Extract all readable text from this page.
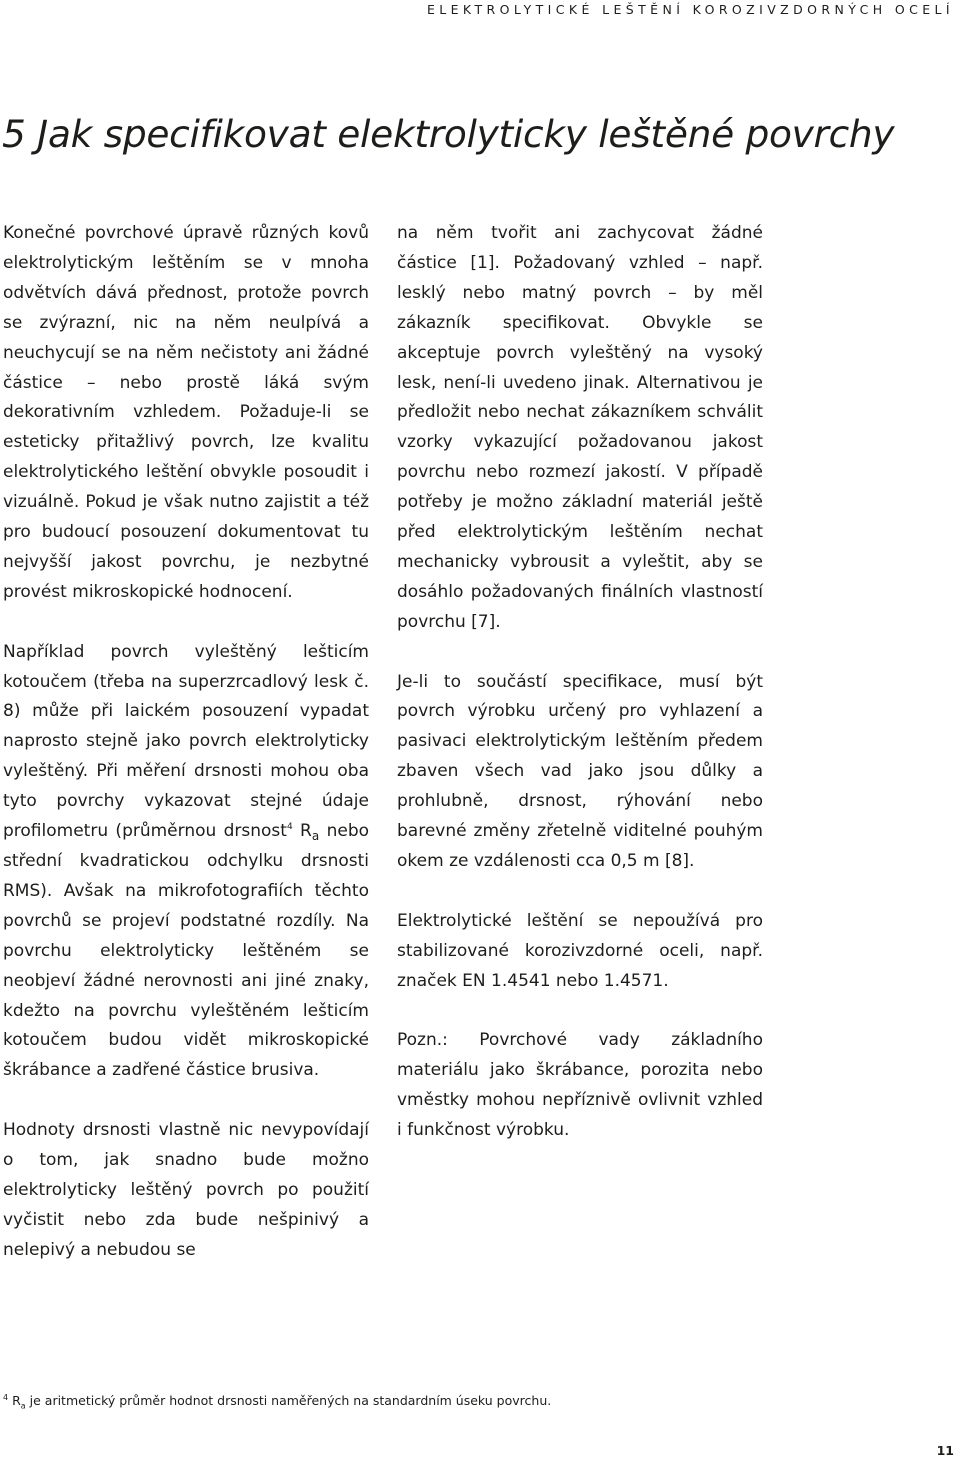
ELEKTROLYTICKÉ LEŠTĚNÍ KOROZIVZDORNÝCH OCELÍ
5 Jak specifikovat elektrolyticky leštěné povrchy

Konečné povrchové úpravě různých kovů elektrolytickým leštěním se v mnoha odvětvích dává přednost, protože povrch se zvýrazní, nic na něm neulpívá a neuchycují se na něm nečistoty ani žádné částice – nebo prostě láká svým dekorativním vzhledem. Požaduje-li se esteticky přitažlivý povrch, lze kvalitu elektrolytického leštění obvykle posoudit i vizuálně. Pokud je však nutno zajistit a též pro budoucí posouzení dokumentovat tu nejvyšší jakost povrchu, je nezbytné provést mikroskopické hodnocení.

Například povrch vyleštěný lešticím kotoučem (třeba na superzrcadlový lesk č. 8) může při laickém posouzení vypadat naprosto stejně jako povrch elektrolyticky vyleštěný. Při měření drsnosti mohou oba tyto povrchy vykazovat stejné údaje profilometru (průměrnou drsnost$^4$ $R_a$ nebo střední kvadratickou odchylku drsnosti RMS). Avšak na mikrofotografiích těchto povrchů se projeví podstatné rozdíly. Na povrchu elektrolyticky leštěném se neobjeví žádné nerovnosti ani jiné znaky, kdežto na povrchu vyleštěném lešticím kotoučem budou vidět mikroskopické škrábance a zadřené částice brusiva.

Hodnoty drsnosti vlastně nic nevypovídají o tom, jak snadno bude možno elektrolyticky leštěný povrch po použití vyčistit nebo zda bude nešpinivý a nelepivý a nebudou se

na něm tvořit ani zachycovat žádné částice [1]. Požadovaný vzhled – např. lesklý nebo matný povrch – by měl zákazník specifikovat. Obvykle se akceptuje povrch vyleštěný na vysoký lesk, není-li uvedeno jinak. Alternativou je předložit nebo nechat zákazníkem schválit vzorky vykazující požadovanou jakost povrchu nebo rozmezí jakostí. V případě potřeby je možno základní materiál ještě před elektrolytickým leštěním nechat mechanicky vybrousit a vyleštit, aby se dosáhlo požadovaných finálních vlastností povrchu [7].

Je-li to součástí specifikace, musí být povrch výrobku určený pro vyhlazení a pasivaci elektrolytickým leštěním předem zbaven všech vad jako jsou důlky a prohlubně, drsnost, rýhování nebo barevné změny zřetelně viditelné pouhým okem ze vzdálenosti cca 0,5 m [8].

Elektrolytické leštění se nepoužívá pro stabilizované korozivzdorné oceli, např. značek EN 1.4541 nebo 1.4571.

Pozn.: Povrchové vady základního materiálu jako škrábance, porozita nebo vměstky mohou nepříznivě ovlivnit vzhled i funkčnost výrobku.

$^4$ $R_a$ je aritmetický průměr hodnot drsnosti naměřených na standardním úseku povrchu.
11
